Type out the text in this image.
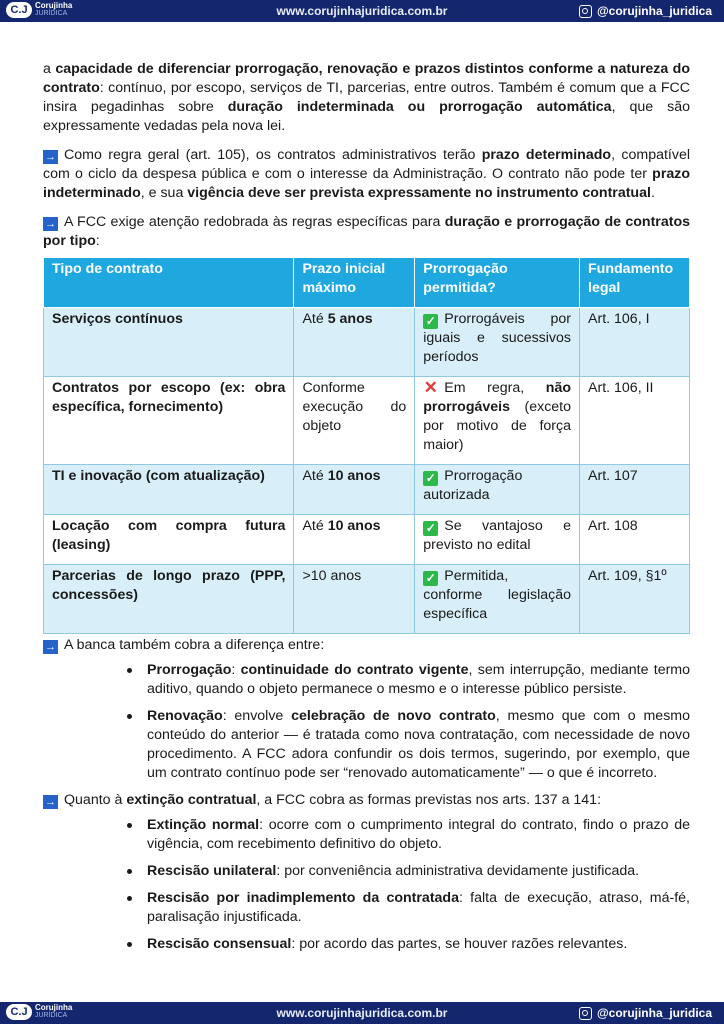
C.J Corujinha
JURÍDICA	www.corujinhajuridica.com.br	@corujinha_juridica

a capacidade de diferenciar prorrogação, renovação e prazos distintos conforme a natureza do contrato: contínuo, por escopo, serviços de TI, parcerias, entre outros. Também é comum que a FCC insira pegadinhas sobre duração indeterminada ou prorrogação automática, que são expressamente vedadas pela nova lei.

→ Como regra geral (art. 105), os contratos administrativos terão prazo determinado, compatível com o ciclo da despesa pública e com o interesse da Administração. O contrato não pode ter prazo indeterminado, e sua vigência deve ser prevista expressamente no instrumento contratual.

→ A FCC exige atenção redobrada às regras específicas para duração e prorrogação de contratos por tipo:

Tipo de contrato	Prazo inicial máximo	Prorrogação permitida?	Fundamento legal
Serviços contínuos	Até 5 anos	✓ Prorrogáveis por iguais e sucessivos períodos	Art. 106, I
Contratos por escopo (ex: obra específica, fornecimento)	Conforme execução do objeto	✕ Em regra, não prorrogáveis (exceto por motivo de força maior)	Art. 106, II
TI e inovação (com atualização)	Até 10 anos	✓ Prorrogação autorizada	Art. 107
Locação com compra futura (leasing)	Até 10 anos	✓ Se vantajoso e previsto no edital	Art. 108
Parcerias de longo prazo (PPP, concessões)	>10 anos	✓ Permitida, conforme legislação específica	Art. 109, §1º

→ A banca também cobra a diferença entre:

Prorrogação: continuidade do contrato vigente, sem interrupção, mediante termo aditivo, quando o objeto permanece o mesmo e o interesse público persiste.
Renovação: envolve celebração de novo contrato, mesmo que com o mesmo conteúdo do anterior — é tratada como nova contratação, com necessidade de novo procedimento. A FCC adora confundir os dois termos, sugerindo, por exemplo, que um contrato contínuo pode ser “renovado automaticamente” — o que é incorreto.

→ Quanto à extinção contratual, a FCC cobra as formas previstas nos arts. 137 a 141:

Extinção normal: ocorre com o cumprimento integral do contrato, findo o prazo de vigência, com recebimento definitivo do objeto.
Rescisão unilateral: por conveniência administrativa devidamente justificada.
Rescisão por inadimplemento da contratada: falta de execução, atraso, má-fé, paralisação injustificada.
Rescisão consensual: por acordo das partes, se houver razões relevantes.
C.J Corujinha
JURÍDICA	www.corujinhajuridica.com.br	@corujinha_juridica
